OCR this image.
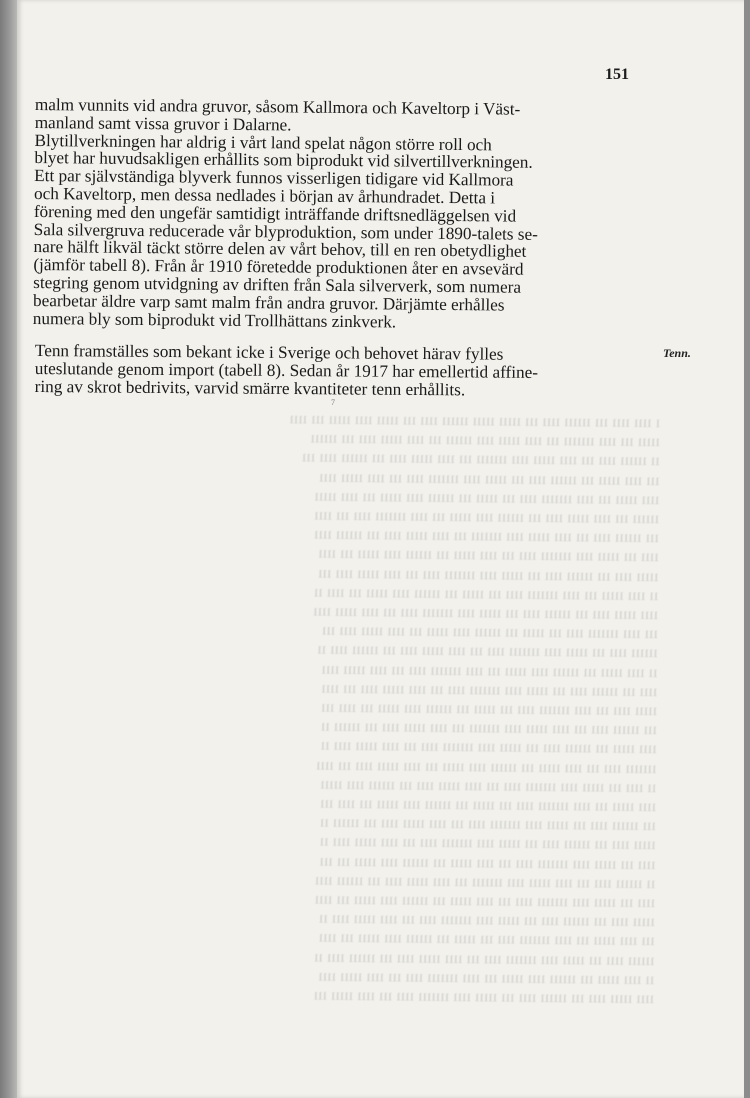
151
malm vunnits vid andra gruvor, såsom Kallmora och Kaveltorp i Väst-
manland samt vissa gruvor i Dalarne.
Blytillverkningen har aldrig i vårt land spelat någon större roll och
blyet har huvudsakligen erhållits som biprodukt vid silvertillverkningen.
Ett par självständiga blyverk funnos visserligen tidigare vid Kallmora
och Kaveltorp, men dessa nedlades i början av århundradet. Detta i
förening med den ungefär samtidigt inträffande driftsnedläggelsen vid
Sala silvergruva reducerade vår blyproduktion, som under 1890-talets se-
nare hälft likväl täckt större delen av vårt behov, till en ren obetydlighet
(jämför tabell 8). Från år 1910 företedde produktionen åter en avsevärd
stegring genom utvidgning av driften från Sala silververk, som numera
bearbetar äldre varp samt malm från andra gruvor. Därjämte erhålles
numera bly som biprodukt vid Trollhättans zinkverk.
Tenn framställes som bekant icke i Sverige och behovet härav fylles
uteslutande genom import (tabell 8). Sedan år 1917 har emellertid affine-
ring av skrot bedrivits, varvid smärre kvantiteter tenn erhållits.
Tenn.
7
ı ıııı ıııı ııı ıııııı ıııı ııı ııııı ııııı ıııııı ıııı ııı ııııı ıııı ııııı ııı ıııı
ııııı ııı ıııı ııııııı ııı ıııı ııııı ıııı ıııııı ııı ıııı ııııı ıııı ııı ıııııı
ıı ıııııı ıııı ııı ıııı ııııı ıııı ııııııı ııı ıııı ııııı ıııı ııı ıııııı ıııı ııı
ııı ıııı ııııı ııı ıııııı ıııı ııı ııııı ıııı ııııııı ıııı ııı ıııı ııııı ıııı
ıııı ııııı ııı ıııı ııııııı ıııı ııı ııııı ııı ıııııı ıııı ııııı ııı ıııı ııııı
ıııııı ııı ıııı ııııı ıııı ııı ıııııı ıııı ııııı ııı ıııı ııııııı ıııı ııı ıııı
ııı ıııııı ıııı ııı ıııı ııııı ıııı ııııııı ııı ıııı ııııı ıııı ııı ıııııı ıııı
ıııı ııı ııııı ıııı ııııııı ıııı ııı ıııı ııııı ııı ıııııı ıııı ııııı ııı ıııı
ııııı ıııı ııı ıııııı ıııı ııı ııııı ıııı ııııııı ıııı ııı ıııı ııııı ıııı ııı
ıı ıııı ııııı ııı ıııı ııııııı ıııı ııı ııııı ııı ıııııı ıııı ııııı ııı ıııı ıı
ıııı ııııı ıııı ııı ıııııı ıııı ııı ııııı ıııı ııııııı ıııı ııı ıııı ııııı ıııı
ııı ıııı ııııııı ıııı ııı ııııı ııı ıııııı ıııı ııııı ııı ıııı ııııı ıııı ııı
ıııııı ıııı ııı ııııı ıııı ııııııı ıııı ııı ıııı ııııı ıııı ııı ıııııı ıııı ıı
ıı ıııı ııııı ııı ıııııı ıııı ııııı ııı ıııı ııııııı ıııı ııı ıııı ııııı ıııı
ıııı ııı ıııııı ıııı ııı ııııı ıııı ııııııı ıııı ııı ıııı ııııı ıııı ııı ıııı
ııııı ıııı ııı ıııı ııııııı ıııı ııı ııııı ııı ıııııı ıııı ııııı ııı ıııı ııı
ııı ıııııı ıııı ııı ıııı ııııı ıııı ııııııı ııı ıııı ııııı ıııı ııı ıııııı ıı
ıııı ııııı ııı ıııııı ıııı ııı ııııı ıııı ııııııı ıııı ııı ıııı ııııı ıııı ıı
ııııııı ıııı ııı ıııı ııııı ııı ıııııı ıııı ııııı ııı ıııı ııııı ıııı ııı ıııı
ıı ıııı ııı ııııı ıııı ııııııı ıııı ııı ıııı ııııı ıııı ııı ıııııı ıııı ııııı
ıııı ııııı ııı ıııı ııııııı ıııı ııı ııııı ııı ıııııı ıııı ııııı ııı ıııı ııı
ııı ıııııı ıııı ııı ııııı ıııı ııııııı ıııı ııı ıııı ııııı ıııı ııı ıııııı ıı
ııııı ıııı ııı ıııııı ıııı ııı ııııı ıııı ııııııı ıııı ııı ıııı ııııı ıııı ıı
ıııı ııı ııııı ıııı ııııııı ıııı ııı ıııı ııııı ııı ıııııı ıııı ııııı ııı ııı
ıı ıııııı ıııı ııı ıııı ııııı ıııı ııııııı ııı ıııı ııııı ıııı ııı ıııııı ıııı
ıııı ııı ııııı ıııı ııııııı ıııı ııı ıııı ııııı ııı ıııııı ıııı ııııı ııı ıııı
ııııı ıııı ııı ıııııı ıııı ııı ııııı ıııı ııııııı ıııı ııı ıııı ııııı ıııı ıı
ııı ıııı ııııı ııı ıııı ııııııı ıııı ııı ııııı ııı ıııııı ıııı ııııı ııı ıııı
ıııııı ıııı ııı ııııı ıııı ııııııı ıııı ııı ıııı ııııı ıııı ııı ıııııı ıııı ıı
ıı ıııı ııııı ııı ıııııı ıııı ııııı ııı ıııı ııııııı ıııı ııı ıııı ııııı ıııı
ıııı ııııı ıııı ııı ıııııı ıııı ııı ııııı ıııı ııııııı ıııı ııı ıııı ııııı ııı
